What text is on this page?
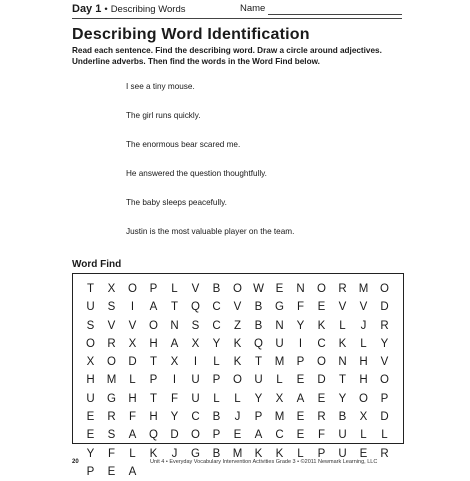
Day 1 • Describing Words	Name
Describing Word Identification
Read each sentence. Find the describing word. Draw a circle around adjectives. Underline adverbs. Then find the words in the Word Find below.
I see a tiny mouse.
The girl runs quickly.
The enormous bear scared me.
He answered the question thoughtfully.
The baby sleeps peacefully.
Justin is the most valuable player on the team.
Word Find
T	X	O	P	L	V	B	O W	E	N	O	R	M	O
U	S	I	A	T	Q	C	V	B	G	F	E	V	V	D
S	V	V	O	N	S	C	Z	B	N	Y	K	L	J	R
O	R	X	H	A	X	Y	K	Q	U	I	C	K	L	Y
X	O	D	T	X	I	L	K	T	M	P	O	N	H	V
H	M	L	P	I	U	P	O	U	L	E	D	T	H	O
U	G	H	T	F	U	L	L	Y	X	A	E	Y	O	P
E	R	F	H	Y	C	B	J	P	M	E	R	B	X	D
E	S	A	Q	D	O	P	E	A	C	E	F	U	L	L
Y	F	L	K	J	G	B	M	K	K	L	P	U	E	R
P	E	A
20	Unit 4 • Everyday Vocabulary Intervention Activities Grade 3 • ©2011 Newmark Learning, LLC
